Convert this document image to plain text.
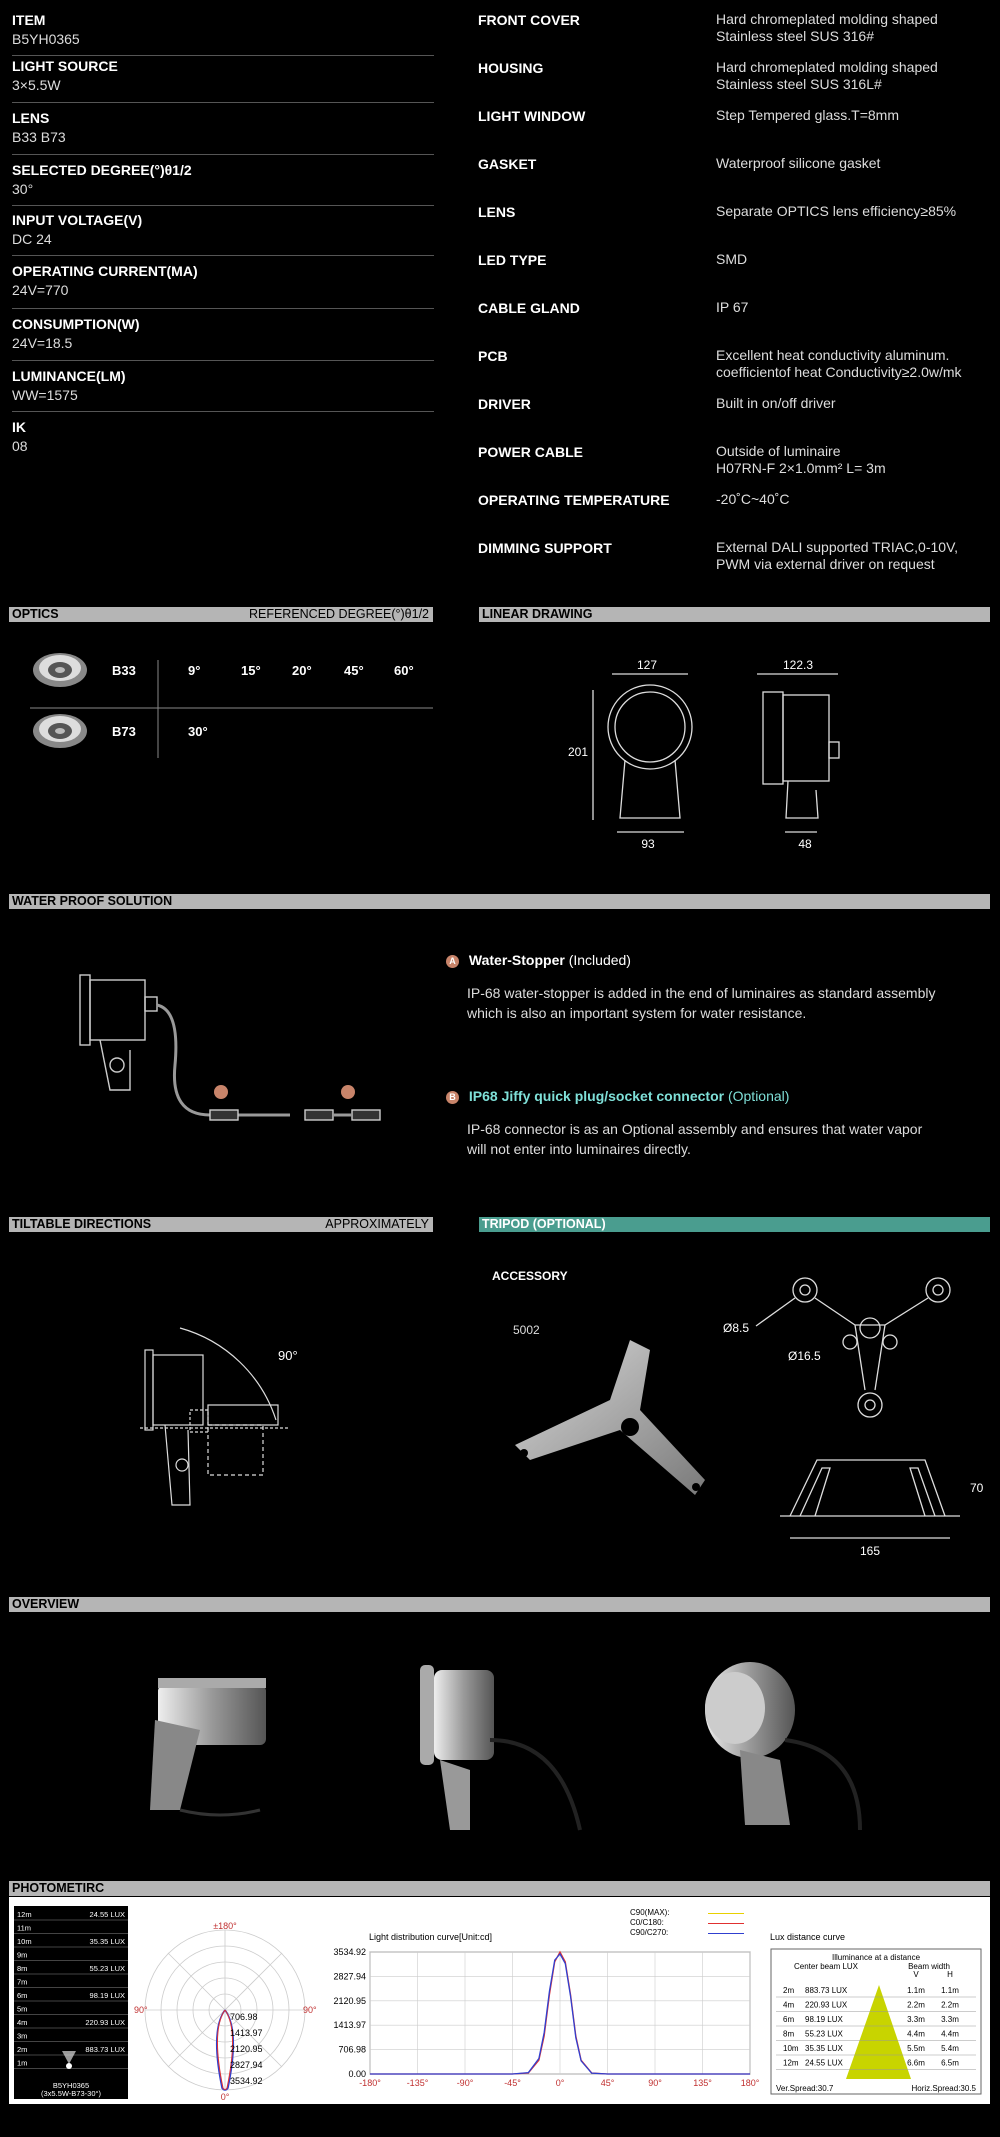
ITEM
B5YH0365
LIGHT SOURCE
3×5.5W
LENS
B33 B73
SELECTED DEGREE(°)θ1/2
30°
INPUT VOLTAGE(V)
DC 24
OPERATING CURRENT(MA)
24V=770
CONSUMPTION(W)
24V=18.5
LUMINANCE(LM)
WW=1575
IK
08
FRONT COVER	Hard chromeplated molding shaped
Stainless steel SUS 316#
HOUSING	Hard chromeplated molding shaped
Stainless steel SUS 316L#
LIGHT WINDOW	Step Tempered glass.T=8mm
GASKET	Waterproof silicone gasket
LENS	Separate OPTICS lens efficiency≥85%
LED TYPE	SMD
CABLE GLAND	IP 67
PCB	Excellent heat conductivity aluminum.
coefficientof heat Conductivity≥2.0w/mk
DRIVER	Built in on/off driver
POWER CABLE	Outside of luminaire
H07RN-F 2×1.0mm² L= 3m
OPERATING TEMPERATURE	-20˚C~40˚C
DIMMING SUPPORT	External DALI supported TRIAC,0-10V,
PWM via external driver on request
OPTICS	REFERENCED DEGREE(°)θ1/2	LINEAR DRAWING
B33	9°	15° 20° 45° 60°
B73	30°
127
201
93
122.3
48
WATER PROOF SOLUTION
A Water-Stopper (Included)
IP-68 water-stopper is added in the end of luminaires as standard assembly
which is also an important system for water resistance.
B IP68 Jiffy quick plug/socket connector (Optional)
IP-68 connector is as an Optional assembly and ensures that water vapor
will not enter into luminaires directly.
TILTABLE DIRECTIONS	APPROXIMATELY	TRIPOD (OPTIONAL)
90°
ACCESSORY
5002	Ø8.5
Ø16.5
70
165
OVERVIEW
PHOTOMETIRC
12m	24.55 LUX
11m
10m	35.35 LUX
9m
8m	55.23 LUX
7m
6m	98.19 LUX
5m
4m	220.93 LUX
3m
2m	883.73 LUX
1m
B5YH0365
(3x5.5W-B73-30°)
±180°
90°	90°
0°
706.98
1413.97
2120.95
2827.94
3534.92
Light distribution curve[Unit:cd]
C90(MAX):
C0/C180:
C90/C270:
-180°	-135°	-90°	-45°	0°	45°	90°	135°	180°
3534.92
2827.94
2120.95
1413.97
706.98
0.00
Lux distance curve
Illuminance at a distance
Center beam LUX	Beam width
V	H
2m 883.73 LUX	1.1m 1.1m
4m 220.93 LUX	2.2m 2.2m
6m 98.19 LUX	3.3m 3.3m
8m 55.23 LUX	4.4m 4.4m
10m 35.35 LUX	5.5m 5.4m
12m 24.55 LUX	6.6m 6.5m
Ver.Spread:30.7	Horiz.Spread:30.5
